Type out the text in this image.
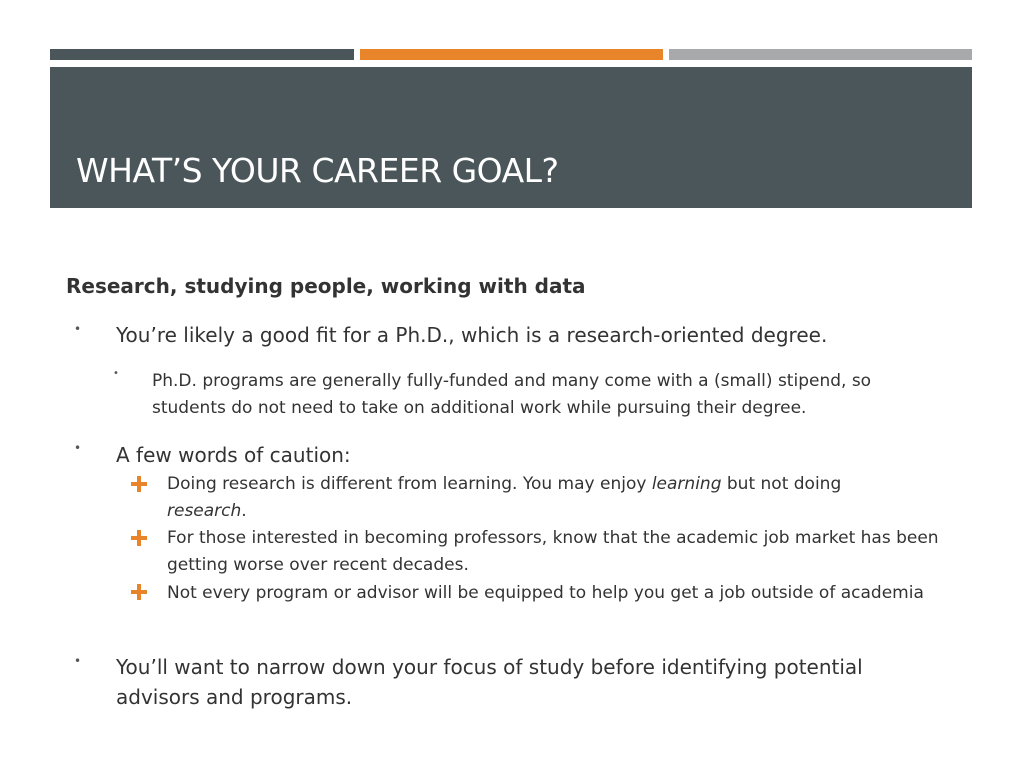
WHAT’S YOUR CAREER GOAL?
Research, studying people, working with data
• You’re likely a good fit for a Ph.D., which is a research-oriented degree.
• Ph.D. programs are generally fully-funded and many come with a (small) stipend, so students do not need to take on additional work while pursuing their degree.
• A few words of caution:
Doing research is different from learning. You may enjoy learning but not doing
research.
For those interested in becoming professors, know that the academic job market has been getting worse over recent decades.
Not every program or advisor will be equipped to help you get a job outside of academia
• You’ll want to narrow down your focus of study before identifying potential advisors and programs.
